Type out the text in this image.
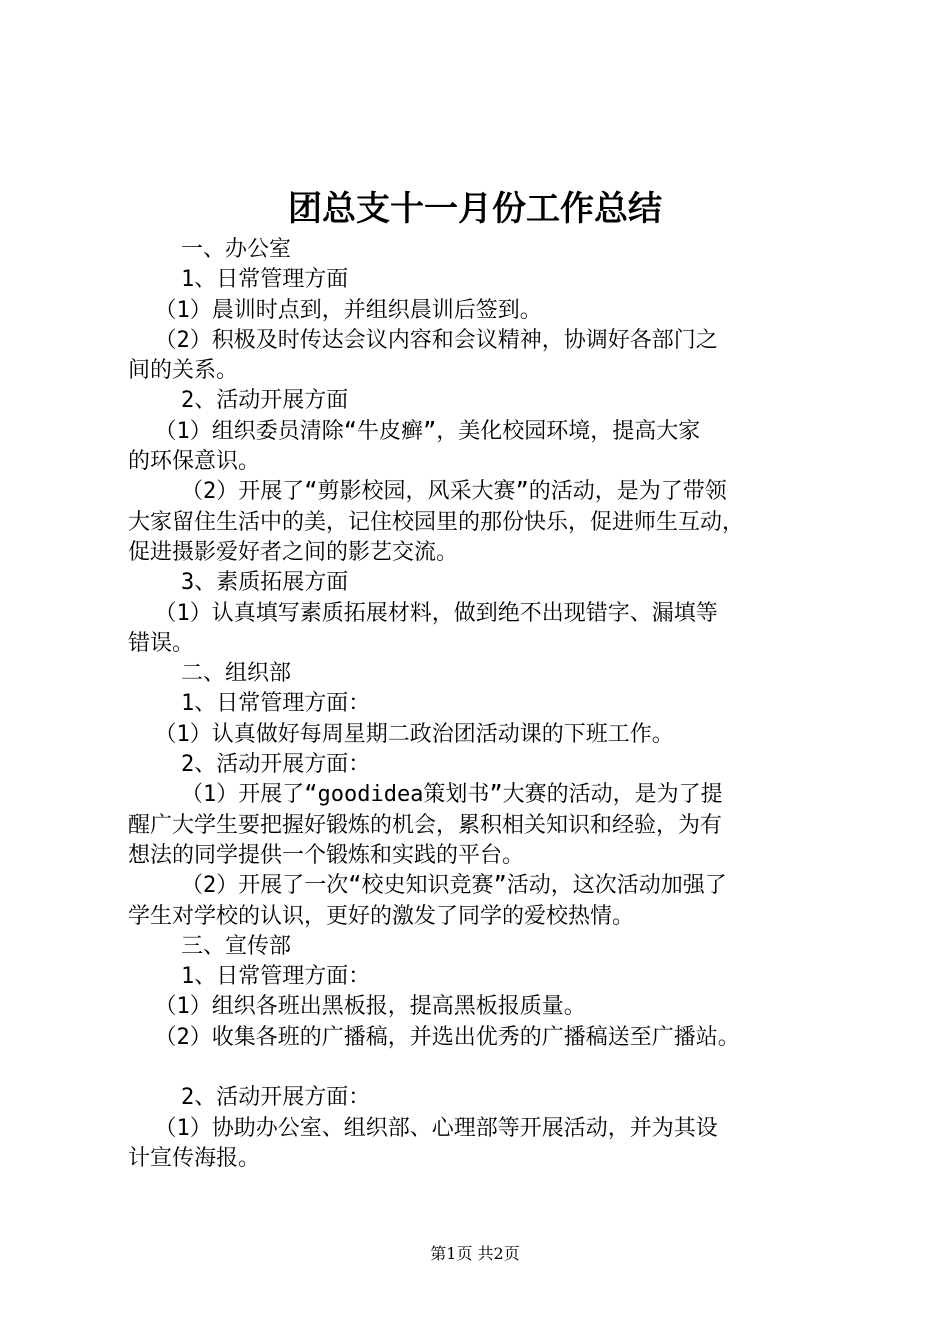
团总支十一月份工作总结
一、办公室
1、日常管理方面
（1）晨训时点到，并组织晨训后签到。
（2）积极及时传达会议内容和会议精神，协调好各部门之
间的关系。
2、活动开展方面
（1）组织委员清除“牛皮癣”，美化校园环境，提高大家
的环保意识。
（2）开展了“剪影校园，风采大赛”的活动，是为了带领
大家留住生活中的美，记住校园里的那份快乐，促进师生互动，
促进摄影爱好者之间的影艺交流。
3、素质拓展方面
（1）认真填写素质拓展材料，做到绝不出现错字、漏填等
错误。
二、组织部
1、日常管理方面：
（1）认真做好每周星期二政治团活动课的下班工作。
2、活动开展方面：
（1）开展了“goodidea策划书”大赛的活动，是为了提
醒广大学生要把握好锻炼的机会，累积相关知识和经验，为有
想法的同学提供一个锻炼和实践的平台。
（2）开展了一次“校史知识竞赛”活动，这次活动加强了
学生对学校的认识，更好的激发了同学的爱校热情。
三、宣传部
1、日常管理方面：
（1）组织各班出黑板报，提高黑板报质量。
（2）收集各班的广播稿，并选出优秀的广播稿送至广播站。
2、活动开展方面：
（1）协助办公室、组织部、心理部等开展活动，并为其设
计宣传海报。
第1页 共2页
